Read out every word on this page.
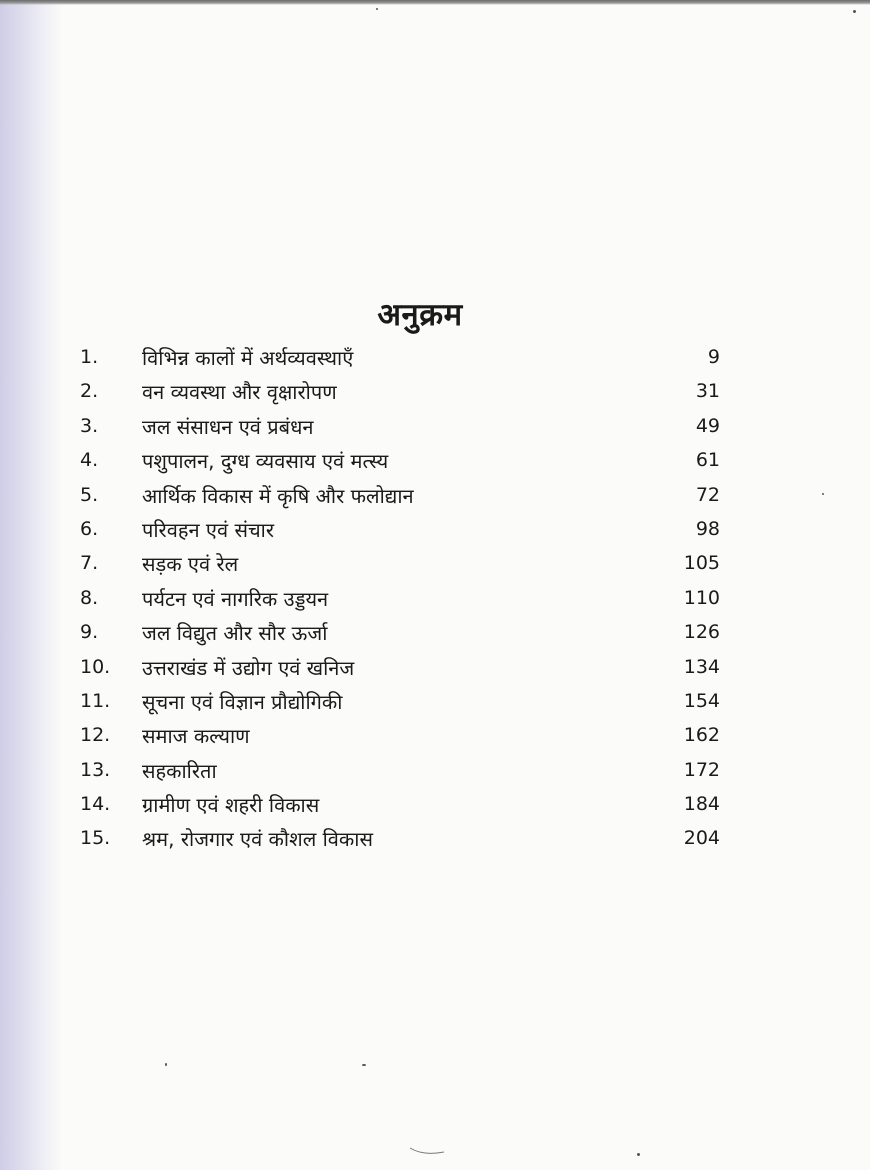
अनुक्रम
1. विभिन्न कालों में अर्थव्यवस्थाएँ	9
2. वन व्यवस्था और वृक्षारोपण	31
3. जल संसाधन एवं प्रबंधन	49
4. पशुपालन, दुग्ध व्यवसाय एवं मत्स्य	61
5. आर्थिक विकास में कृषि और फलोद्यान	72
6. परिवहन एवं संचार	98
7. सड़क एवं रेल	105
8. पर्यटन एवं नागरिक उड्डयन	110
9. जल विद्युत और सौर ऊर्जा	126
10. उत्तराखंड में उद्योग एवं खनिज	134
11. सूचना एवं विज्ञान प्रौद्योगिकी	154
12. समाज कल्याण	162
13. सहकारिता	172
14. ग्रामीण एवं शहरी विकास	184
15. श्रम, रोजगार एवं कौशल विकास	204
